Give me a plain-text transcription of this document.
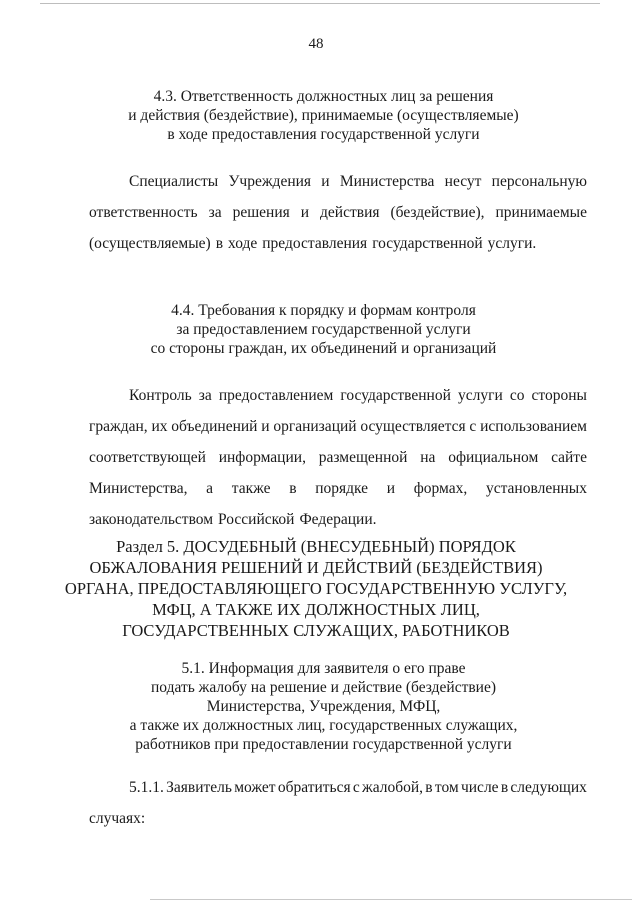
48
4.3. Ответственность должностных лиц за решения
и действия (бездействие), принимаемые (осуществляемые)
в ходе предоставления государственной услуги
Специалисты Учреждения и Министерства несут персональную
ответственность за решения и действия (бездействие), принимаемые
(осуществляемые) в ходе предоставления государственной услуги.
4.4. Требования к порядку и формам контроля
за предоставлением государственной услуги
со стороны граждан, их объединений и организаций
Контроль за предоставлением государственной услуги со стороны
граждан, их объединений и организаций осуществляется с использованием
соответствующей информации, размещенной на официальном сайте
Министерства, а также в порядке и формах, установленных
законодательством Российской Федерации.
Раздел 5. ДОСУДЕБНЫЙ (ВНЕСУДЕБНЫЙ) ПОРЯДОК
ОБЖАЛОВАНИЯ РЕШЕНИЙ И ДЕЙСТВИЙ (БЕЗДЕЙСТВИЯ)
ОРГАНА, ПРЕДОСТАВЛЯЮЩЕГО ГОСУДАРСТВЕННУЮ УСЛУГУ,
МФЦ, А ТАКЖЕ ИХ ДОЛЖНОСТНЫХ ЛИЦ,
ГОСУДАРСТВЕННЫХ СЛУЖАЩИХ, РАБОТНИКОВ
5.1. Информация для заявителя о его праве
подать жалобу на решение и действие (бездействие)
Министерства, Учреждения, МФЦ,
а также их должностных лиц, государственных служащих,
работников при предоставлении государственной услуги
5.1.1. Заявитель может обратиться с жалобой, в том числе в следующих
случаях:
